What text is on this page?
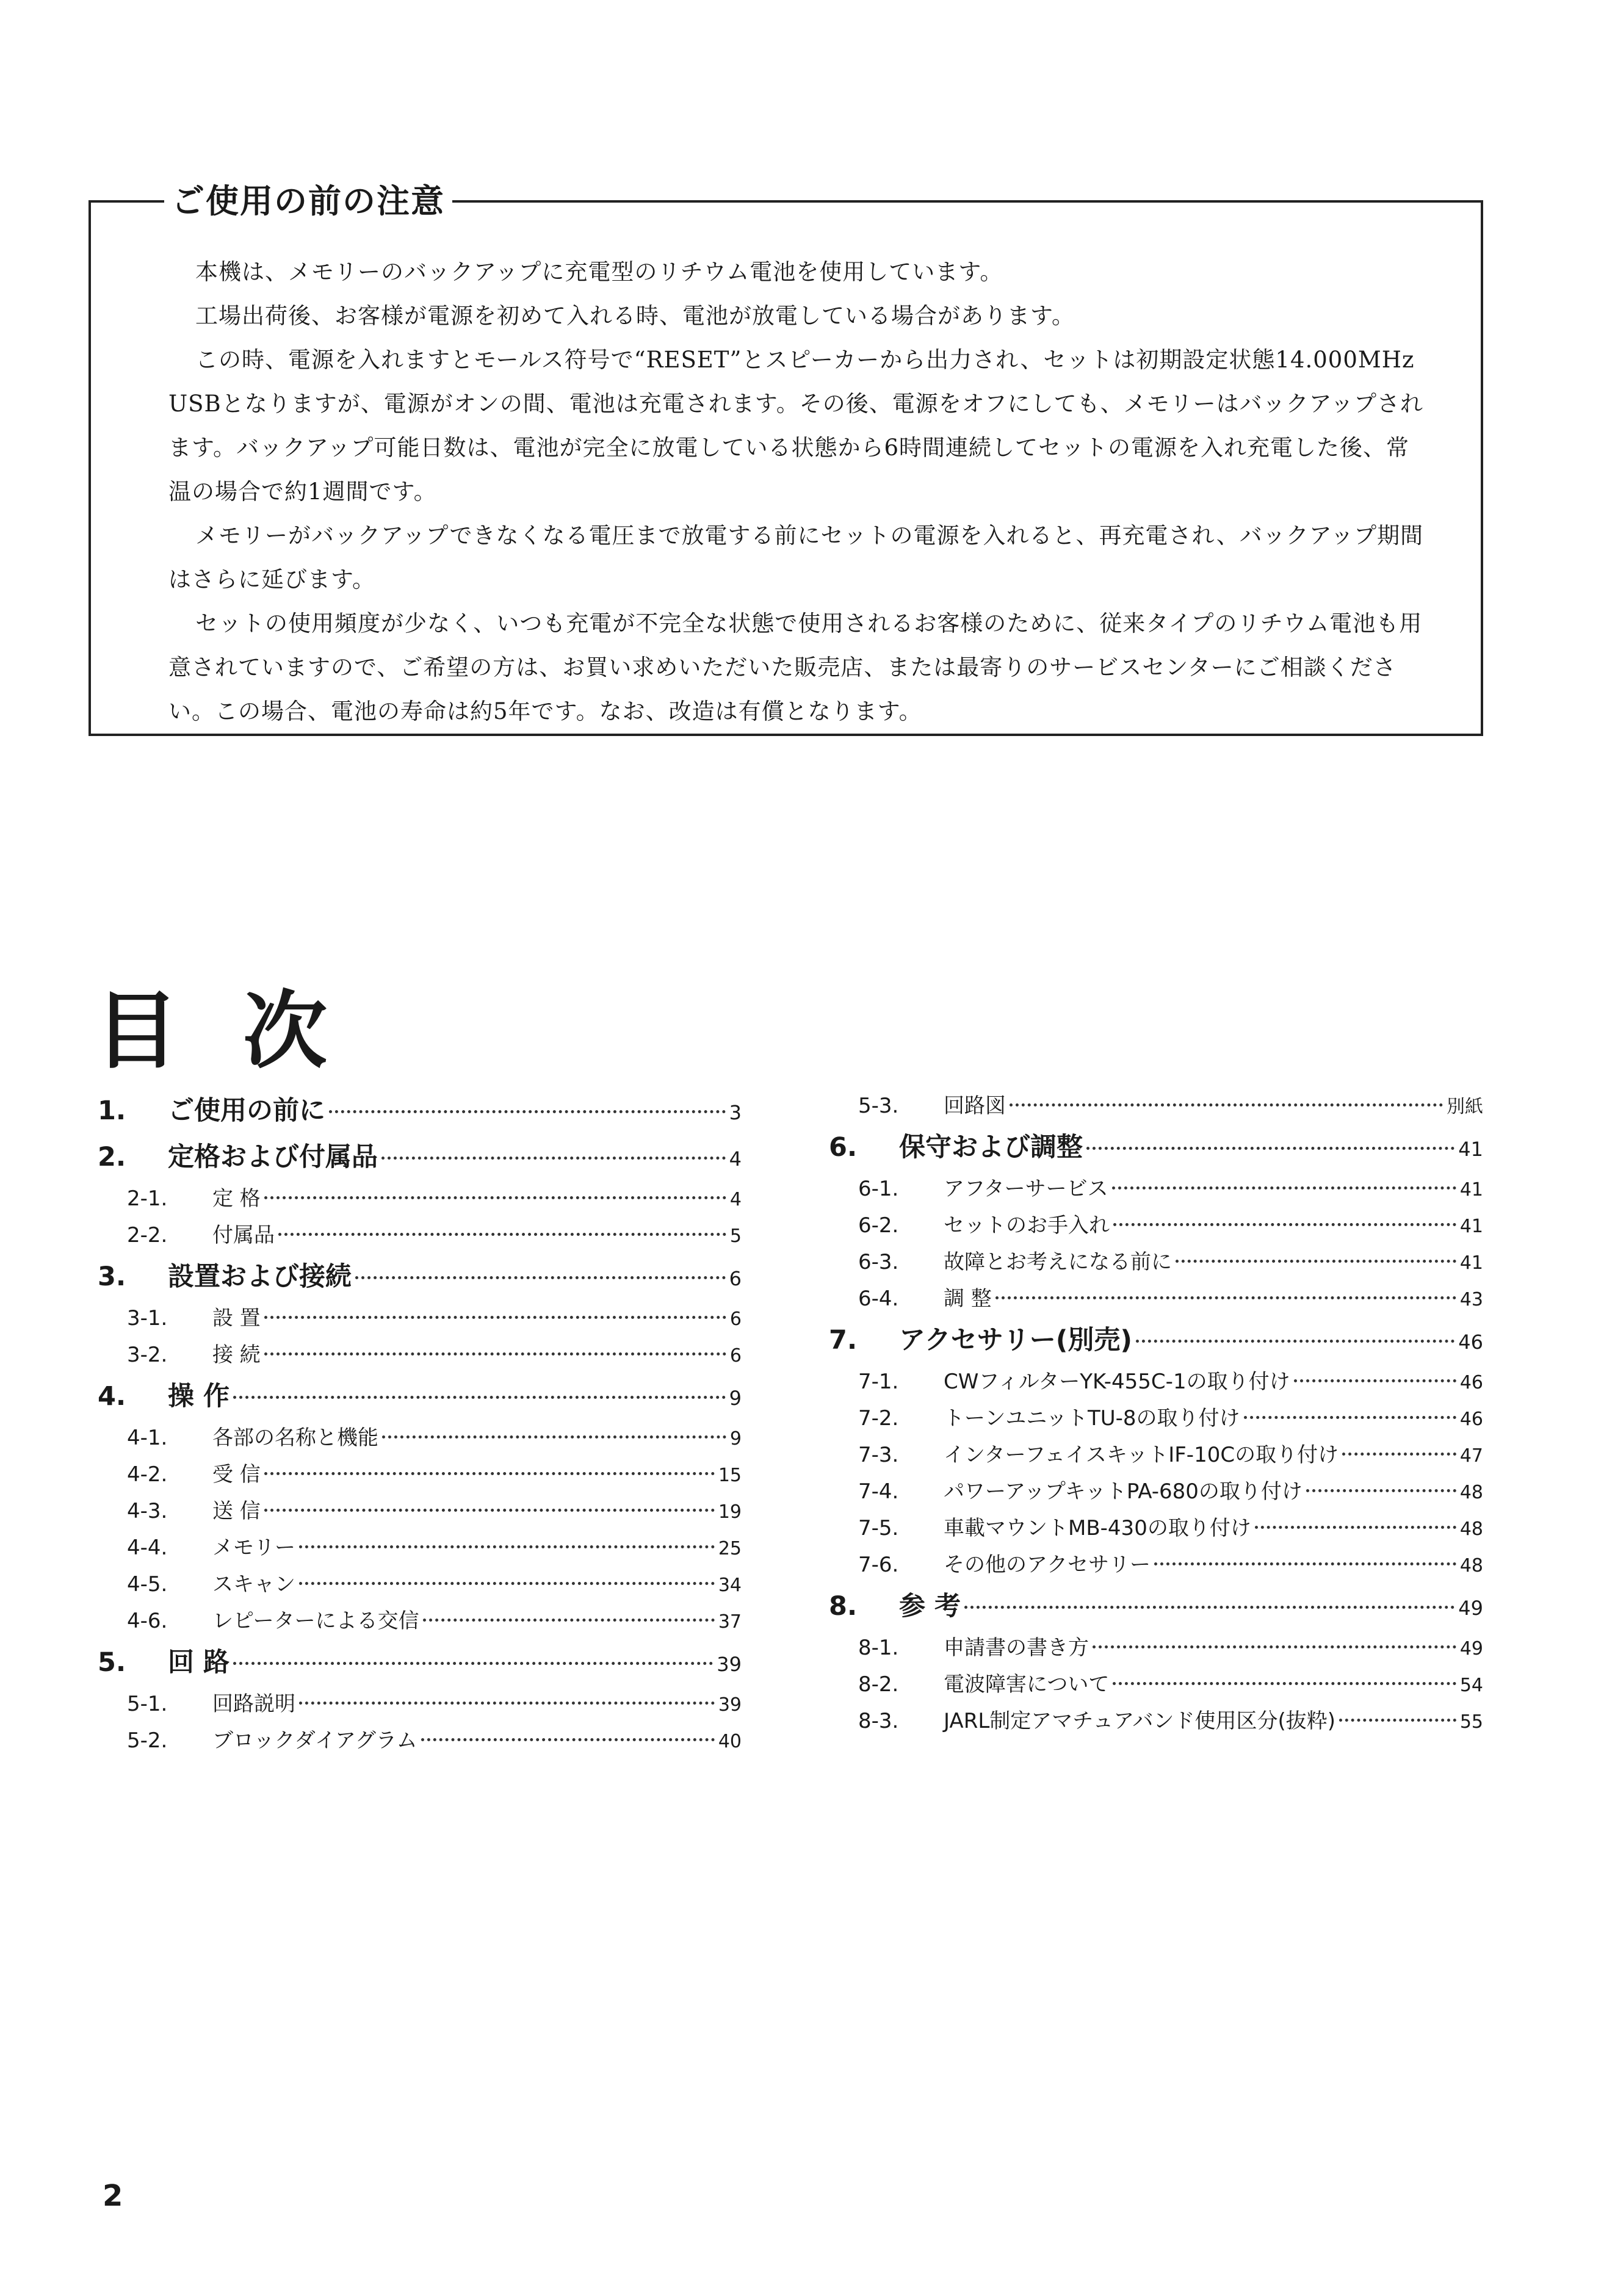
ご使用の前の注意

本機は、メモリーのバックアップに充電型のリチウム電池を使用しています。

工場出荷後、お客様が電源を初めて入れる時、電池が放電している場合があります。

この時、電源を入れますとモールス符号で“RESET”とスピーカーから出力され、セットは初期設定状態14.000MHz USBとなりますが、電源がオンの間、電池は充電されます。その後、電源をオフにしても、メモリーはバックアップされます。バックアップ可能日数は、電池が完全に放電している状態から6時間連続してセットの電源を入れ充電した後、常温の場合で約1週間です。

メモリーがバックアップできなくなる電圧まで放電する前にセットの電源を入れると、再充電され、バックアップ期間はさらに延びます。

セットの使用頻度が少なく、いつも充電が不完全な状態で使用されるお客様のために、従来タイプのリチウム電池も用意されていますので、ご希望の方は、お買い求めいただいた販売店、または最寄りのサービスセンターにご相談ください。この場合、電池の寿命は約5年です。なお、改造は有償となります。

目次
1.	ご使用の前に	3
2.	定格および付属品	4
2-1.	定 格	4
2-2.	付属品	5
3.	設置および接続	6
3-1.	設 置	6
3-2.	接 続	6
4.	操 作	9
4-1.	各部の名称と機能	9
4-2.	受 信	15
4-3.	送 信	19
4-4.	メモリー	25
4-5.	スキャン	34
4-6.	レピーターによる交信	37
5.	回 路	39
5-1.	回路説明	39
5-2.	ブロックダイアグラム	40
5-3.	回路図	別紙
6.	保守および調整	41
6-1.	アフターサービス	41
6-2.	セットのお手入れ	41
6-3.	故障とお考えになる前に	41
6-4.	調 整	43
7.	アクセサリー(別売)	46
7-1.	CWフィルターYK-455C-1の取り付け	46
7-2.	トーンユニットTU-8の取り付け	46
7-3.	インターフェイスキットIF-10Cの取り付け	47
7-4.	パワーアップキットPA-680の取り付け	48
7-5.	車載マウントMB-430の取り付け	48
7-6.	その他のアクセサリー	48
8.	参 考	49
8-1.	申請書の書き方	49
8-2.	電波障害について	54
8-3.	JARL制定アマチュアバンド使用区分(抜粋)	55
2
